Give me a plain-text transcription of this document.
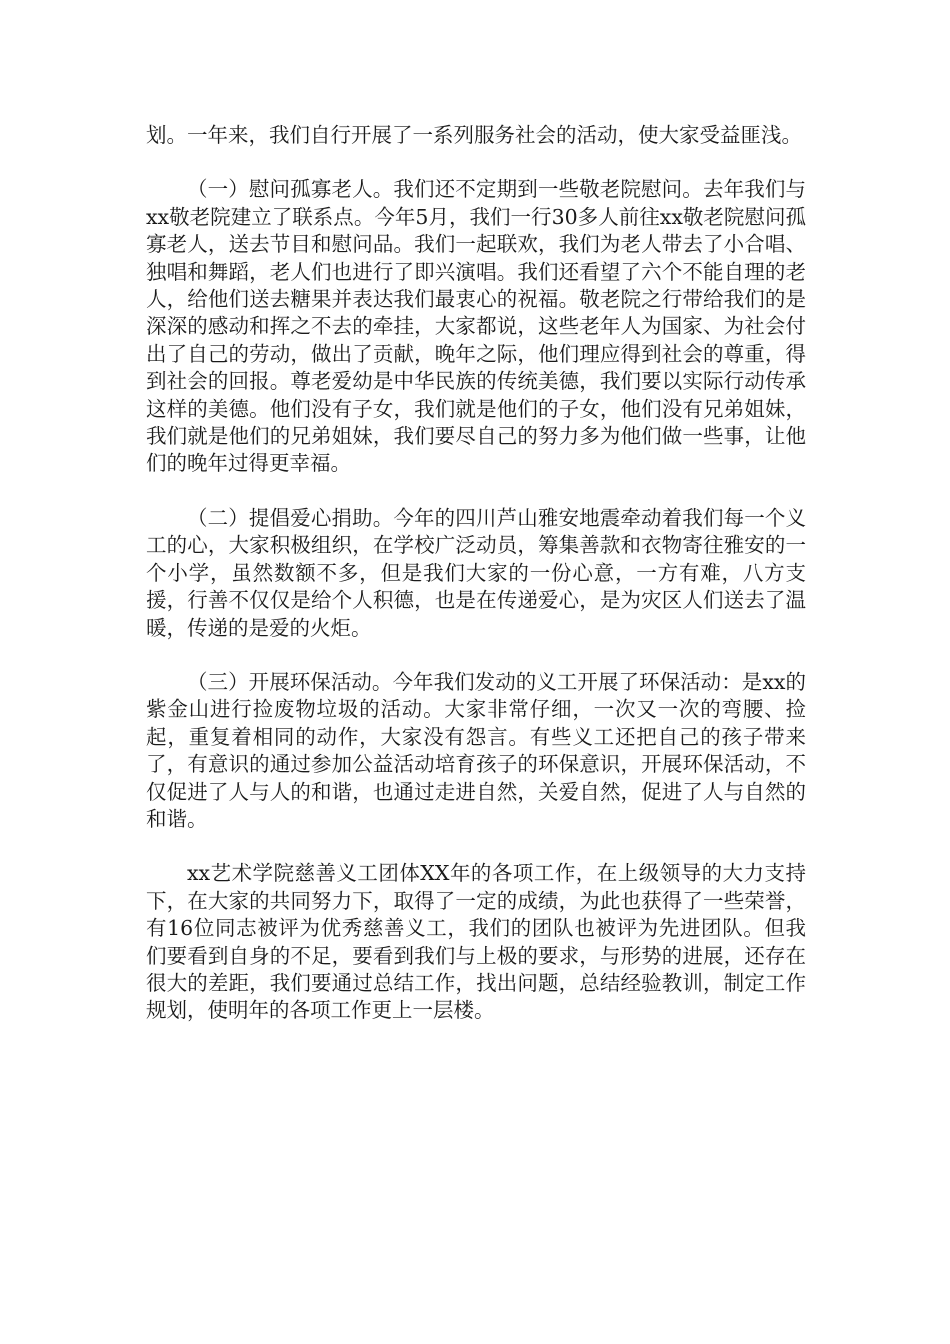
划。一年来，我们自行开展了一系列服务社会的活动，使大家受益匪浅。

（一）慰问孤寡老人。我们还不定期到一些敬老院慰问。去年我们与xx敬老院建立了联系点。今年5月，我们一行30多人前往xx敬老院慰问孤寡老人，送去节目和慰问品。我们一起联欢，我们为老人带去了小合唱、独唱和舞蹈，老人们也进行了即兴演唱。我们还看望了六个不能自理的老人，给他们送去糖果并表达我们最衷心的祝福。敬老院之行带给我们的是深深的感动和挥之不去的牵挂，大家都说，这些老年人为国家、为社会付出了自己的劳动，做出了贡献，晚年之际，他们理应得到社会的尊重，得到社会的回报。尊老爱幼是中华民族的传统美德，我们要以实际行动传承这样的美德。他们没有子女，我们就是他们的子女，他们没有兄弟姐妹，我们就是他们的兄弟姐妹，我们要尽自己的努力多为他们做一些事，让他们的晚年过得更幸福。

（二）提倡爱心捐助。今年的四川芦山雅安地震牵动着我们每一个义工的心，大家积极组织，在学校广泛动员，筹集善款和衣物寄往雅安的一个小学，虽然数额不多，但是我们大家的一份心意，一方有难，八方支援，行善不仅仅是给个人积德，也是在传递爱心，是为灾区人们送去了温暖，传递的是爱的火炬。

（三）开展环保活动。今年我们发动的义工开展了环保活动：是xx的紫金山进行捡废物垃圾的活动。大家非常仔细，一次又一次的弯腰、捡起，重复着相同的动作，大家没有怨言。有些义工还把自己的孩子带来了，有意识的通过参加公益活动培育孩子的环保意识，开展环保活动，不仅促进了人与人的和谐，也通过走进自然，关爱自然，促进了人与自然的和谐。

xx艺术学院慈善义工团体XX年的各项工作，在上级领导的大力支持下，在大家的共同努力下，取得了一定的成绩，为此也获得了一些荣誉，有16位同志被评为优秀慈善义工，我们的团队也被评为先进团队。但我们要看到自身的不足，要看到我们与上极的要求，与形势的进展，还存在很大的差距，我们要通过总结工作，找出问题，总结经验教训，制定工作规划，使明年的各项工作更上一层楼。
